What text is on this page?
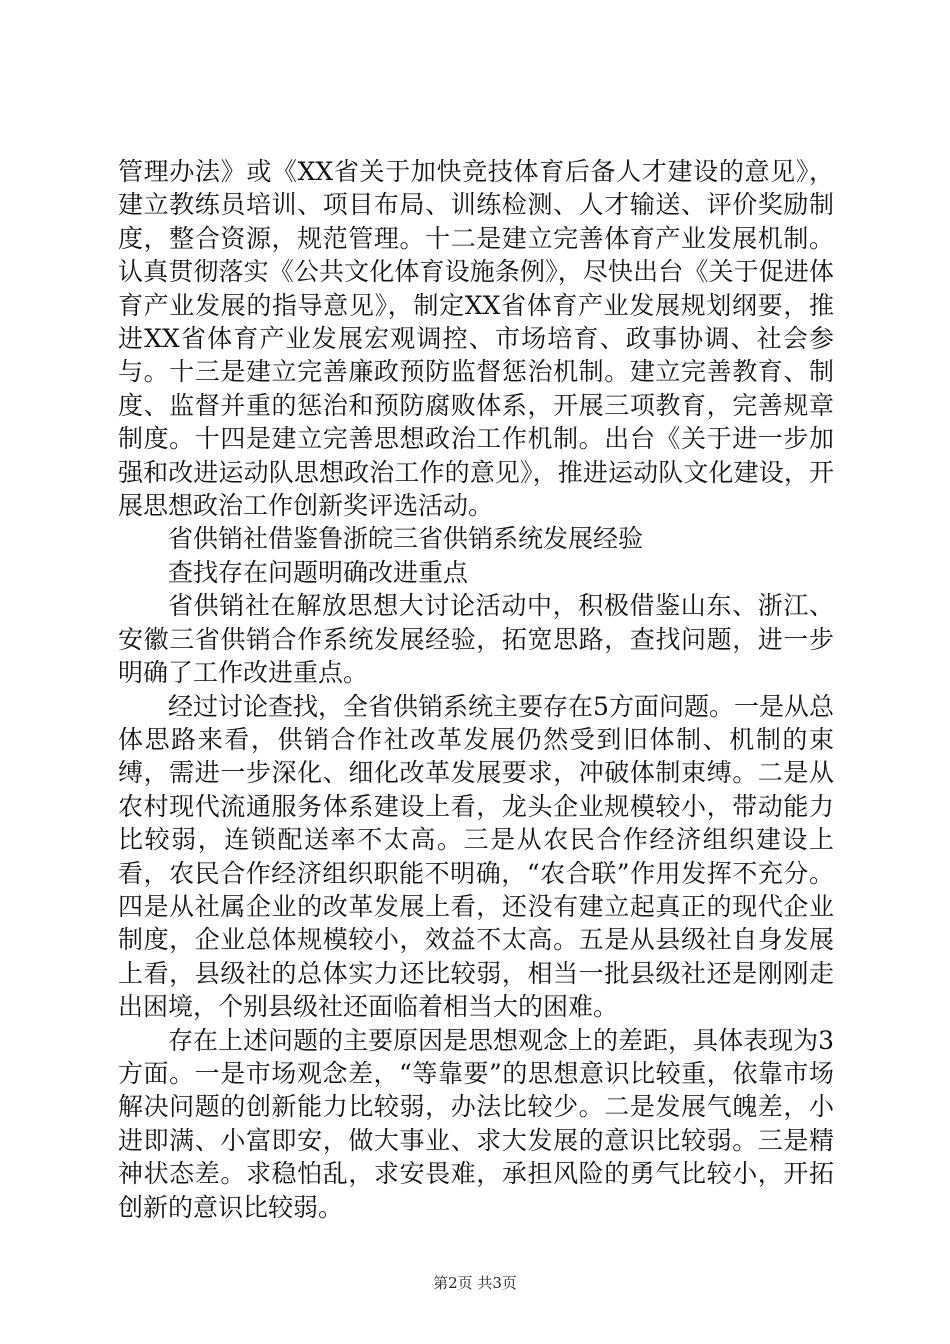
管理办法》或《XX省关于加快竞技体育后备人才建设的意见》，建立教练员培训、项目布局、训练检测、人才输送、评价奖励制度，整合资源，规范管理。十二是建立完善体育产业发展机制。认真贯彻落实《公共文化体育设施条例》，尽快出台《关于促进体育产业发展的指导意见》，制定XX省体育产业发展规划纲要，推进XX省体育产业发展宏观调控、市场培育、政事协调、社会参与。十三是建立完善廉政预防监督惩治机制。建立完善教育、制度、监督并重的惩治和预防腐败体系，开展三项教育，完善规章制度。十四是建立完善思想政治工作机制。出台《关于进一步加强和改进运动队思想政治工作的意见》，推进运动队文化建设，开展思想政治工作创新奖评选活动。

省供销社借鉴鲁浙皖三省供销系统发展经验

查找存在问题明确改进重点

省供销社在解放思想大讨论活动中，积极借鉴山东、浙江、安徽三省供销合作系统发展经验，拓宽思路，查找问题，进一步明确了工作改进重点。

经过讨论查找，全省供销系统主要存在5方面问题。一是从总体思路来看，供销合作社改革发展仍然受到旧体制、机制的束缚，需进一步深化、细化改革发展要求，冲破体制束缚。二是从农村现代流通服务体系建设上看，龙头企业规模较小，带动能力比较弱，连锁配送率不太高。三是从农民合作经济组织建设上看，农民合作经济组织职能不明确，“农合联”作用发挥不充分。四是从社属企业的改革发展上看，还没有建立起真正的现代企业制度，企业总体规模较小，效益不太高。五是从县级社自身发展上看，县级社的总体实力还比较弱，相当一批县级社还是刚刚走出困境，个别县级社还面临着相当大的困难。

存在上述问题的主要原因是思想观念上的差距，具体表现为3方面。一是市场观念差，“等靠要”的思想意识比较重，依靠市场解决问题的创新能力比较弱，办法比较少。二是发展气魄差，小进即满、小富即安，做大事业、求大发展的意识比较弱。三是精神状态差。求稳怕乱，求安畏难，承担风险的勇气比较小，开拓创新的意识比较弱。

第2页 共3页
